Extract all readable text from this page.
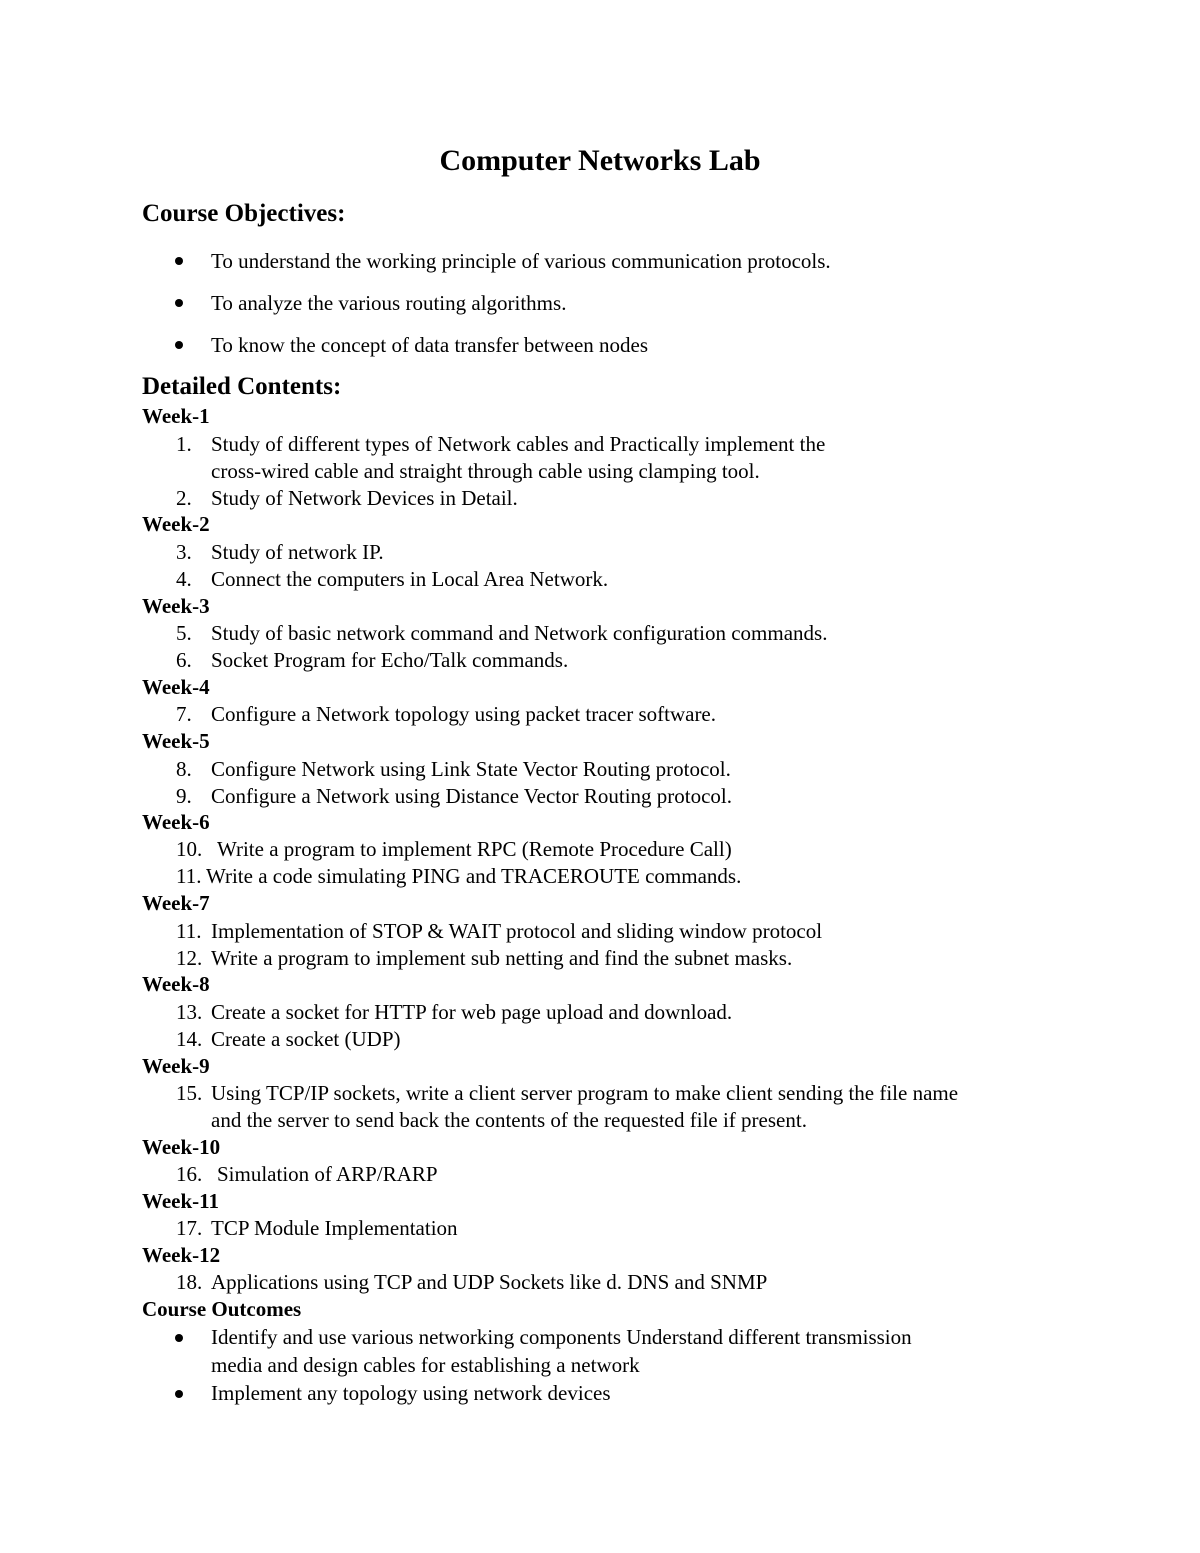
Computer Networks Lab
Course Objectives:
To understand the working principle of various communication protocols.
To analyze the various routing algorithms.
To know the concept of data transfer between nodes
Detailed Contents:
Week-1
1. Study of different types of Network cables and Practically implement the
cross-wired cable and straight through cable using clamping tool.
2. Study of Network Devices in Detail.
Week-2
3. Study of network IP.
4. Connect the computers in Local Area Network.
Week-3
5. Study of basic network command and Network configuration commands.
6. Socket Program for Echo/Talk commands.
Week-4
7. Configure a Network topology using packet tracer software.
Week-5
8. Configure Network using Link State Vector Routing protocol.
9. Configure a Network using Distance Vector Routing protocol.
Week-6
10. Write a program to implement RPC (Remote Procedure Call)
11. Write a code simulating PING and TRACEROUTE commands.
Week-7
11. Implementation of STOP & WAIT protocol and sliding window protocol
12. Write a program to implement sub netting and find the subnet masks.
Week-8
13. Create a socket for HTTP for web page upload and download.
14. Create a socket (UDP)
Week-9
15. Using TCP/IP sockets, write a client server program to make client sending the file name
and the server to send back the contents of the requested file if present.
Week-10
16. Simulation of ARP/RARP
Week-11
17. TCP Module Implementation
Week-12
18. Applications using TCP and UDP Sockets like d. DNS and SNMP
Course Outcomes
Identify and use various networking components Understand different transmission
media and design cables for establishing a network
Implement any topology using network devices
